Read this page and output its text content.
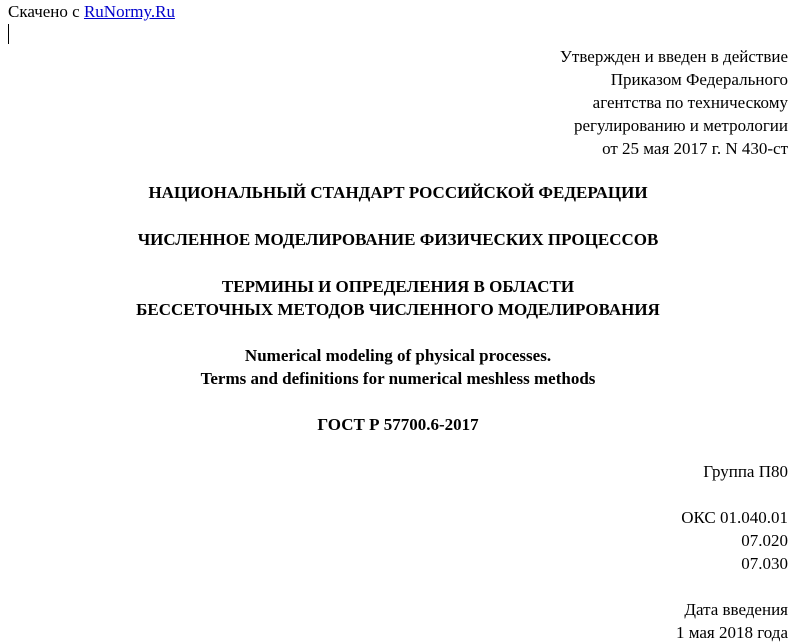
Скачено с RuNormy.Ru
Утвержден и введен в действие
Приказом Федерального
агентства по техническому
регулированию и метрологии
от 25 мая 2017 г. N 430-ст
НАЦИОНАЛЬНЫЙ СТАНДАРТ РОССИЙСКОЙ ФЕДЕРАЦИИ
ЧИСЛЕННОЕ МОДЕЛИРОВАНИЕ ФИЗИЧЕСКИХ ПРОЦЕССОВ
ТЕРМИНЫ И ОПРЕДЕЛЕНИЯ В ОБЛАСТИ
БЕССЕТОЧНЫХ МЕТОДОВ ЧИСЛЕННОГО МОДЕЛИРОВАНИЯ
Numerical modeling of physical processes.
Terms and definitions for numerical meshless methods
ГОСТ Р 57700.6-2017
Группа П80
ОКС 01.040.01
07.020
07.030
Дата введения
1 мая 2018 года
